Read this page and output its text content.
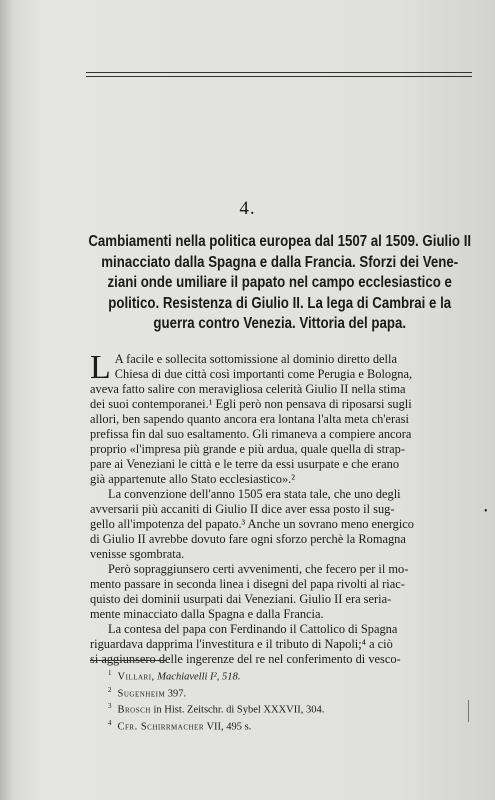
4.
Cambiamenti nella politica europea dal 1507 al 1509. Giulio II
minacciato dalla Spagna e dalla Francia. Sforzi dei Vene-
ziani onde umiliare il papato nel campo ecclesiastico e
politico. Resistenza di Giulio II. La lega di Cambrai e la
guerra contro Venezia. Vittoria del papa.
L A facile e sollecita sottomissione al dominio diretto della
Chiesa di due città così importanti come Perugia e Bologna,
aveva fatto salire con meravigliosa celerità Giulio II nella stima
dei suoi contemporanei.¹ Egli però non pensava di riposarsi sugli
allori, ben sapendo quanto ancora era lontana l'alta meta ch'erasi
prefissa fin dal suo esaltamento. Gli rimaneva a compiere ancora
proprio «l'impresa più grande e più ardua, quale quella di strap-
pare ai Veneziani le città e le terre da essi usurpate e che erano
già appartenute allo Stato ecclesiastico».²
La convenzione dell'anno 1505 era stata tale, che uno degli
avversarii più accaniti di Giulio II dice aver essa posto il sug-
gello all'impotenza del papato.³ Anche un sovrano meno energico
di Giulio II avrebbe dovuto fare ogni sforzo perchè la Romagna
venisse sgombrata.
Però sopraggiunsero certi avvenimenti, che fecero per il mo-
mento passare in seconda linea i disegni del papa rivolti al riac-
quisto dei dominii usurpati dai Veneziani. Giulio II era seria-
mente minacciato dalla Spagna e dalla Francia.
La contesa del papa con Ferdinando il Cattolico di Spagna
riguardava dapprima l'investitura e il tributo di Napoli;⁴ a ciò
si aggiunsero delle ingerenze del re nel conferimento di vesco-
$^1$ Villari, Machiavelli I², 518.
$^2$ Sugenheim 397.
$^3$ Brosch in Hist. Zeitschr. di Sybel XXXVII, 304.
$^4$ Cfr. Schirrmacher VII, 495 s.
•
